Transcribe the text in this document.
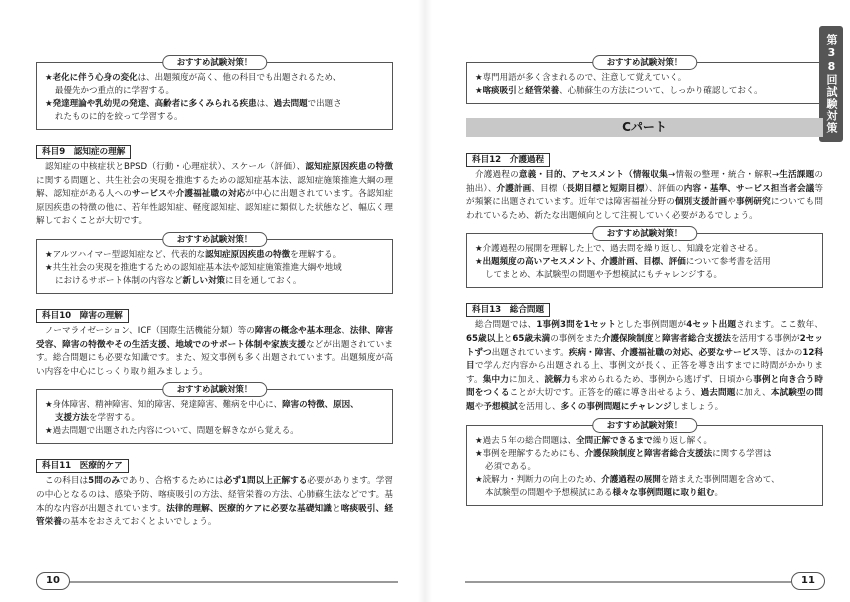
第38回試験対策
おすすめ試験対策！
★老化に伴う心身の変化は、出題頻度が高く、他の科目でも出題されるため、
最優先かつ重点的に学習する。
★発達理論や乳幼児の発達、高齢者に多くみられる疾患は、過去問題で出題さ
れたものに的を絞って学習する。
科目9　認知症の理解
認知症の中核症状とBPSD（行動・心理症状）、スケール（評価）、認知症原因疾患の特徴に関する問題と、共生社会の実現を推進するための認知症基本法、認知症施策推進大綱の理解、認知症がある人へのサービスや介護福祉職の対応が中心に出題されています。各認知症原因疾患の特徴の他に、若年性認知症、軽度認知症、認知症に類似した状態など、幅広く理解しておくことが大切です。
おすすめ試験対策！
★アルツハイマー型認知症など、代表的な認知症原因疾患の特徴を理解する。
★共生社会の実現を推進するための認知症基本法や認知症施策推進大綱や地域
におけるサポート体制の内容など新しい対策に目を通しておく。
科目10　障害の理解
ノーマライゼーション、ICF（国際生活機能分類）等の障害の概念や基本理念、法律、障害受容、障害の特徴やその生活支援、地域でのサポート体制や家族支援などが出題されています。総合問題にも必要な知識です。また、短文事例も多く出題されています。出題頻度が高い内容を中心にじっくり取り組みましょう。
おすすめ試験対策！
★身体障害、精神障害、知的障害、発達障害、難病を中心に、障害の特徴、原因、
支援方法を学習する。
★過去問題で出題された内容について、問題を解きながら覚える。
科目11　医療的ケア
この科目は5問のみであり、合格するためには必ず1問以上正解する必要があります。学習の中心となるのは、感染予防、喀痰吸引の方法、経管栄養の方法、心肺蘇生法などです。基本的な内容が出題されています。法律的理解、医療的ケアに必要な基礎知識と喀痰吸引、経管栄養の基本をおさえておくとよいでしょう。
10
おすすめ試験対策！
★専門用語が多く含まれるので、注意して覚えていく。
★喀痰吸引と経管栄養、心肺蘇生の方法について、しっかり確認しておく。
Cパート
科目12　介護過程
介護過程の意義・目的、アセスメント（情報収集→情報の整理・統合・解釈→生活課題の抽出）、介護計画、目標（長期目標と短期目標）、評価の内容・基準、サービス担当者会議等が頻繁に出題されています。近年では障害福祉分野の個別支援計画や事例研究についても問われているため、新たな出題傾向として注視していく必要があるでしょう。
おすすめ試験対策！
★介護過程の展開を理解した上で、過去問を繰り返し、知識を定着させる。
★出題頻度の高いアセスメント、介護計画、目標、評価について参考書を活用
してまとめ、本試験型の問題や予想模試にもチャレンジする。
科目13　総合問題
総合問題では、1事例3問を1セットとした事例問題が4セット出題されます。ここ数年、65歳以上と65歳未満の事例をまた介護保険制度と障害者総合支援法を活用する事例が2セットずつ出題されています。疾病・障害、介護福祉職の対応、必要なサービス等、ほかの12科目で学んだ内容から出題される上、事例文が長く、正答を導き出すまでに時間がかかります。集中力に加え、読解力も求められるため、事例から逃げず、日頃から事例と向き合う時間をつくることが大切です。正答を的確に導き出せるよう、過去問題に加え、本試験型の問題や予想模試を活用し、多くの事例問題にチャレンジしましょう。
おすすめ試験対策！
★過去５年の総合問題は、全問正解できるまで繰り返し解く。
★事例を理解するためにも、介護保険制度と障害者総合支援法に関する学習は
必須である。
★読解力・判断力の向上のため、介護過程の展開を踏まえた事例問題を含めて、
本試験型の問題や予想模試にある様々な事例問題に取り組む。
11
